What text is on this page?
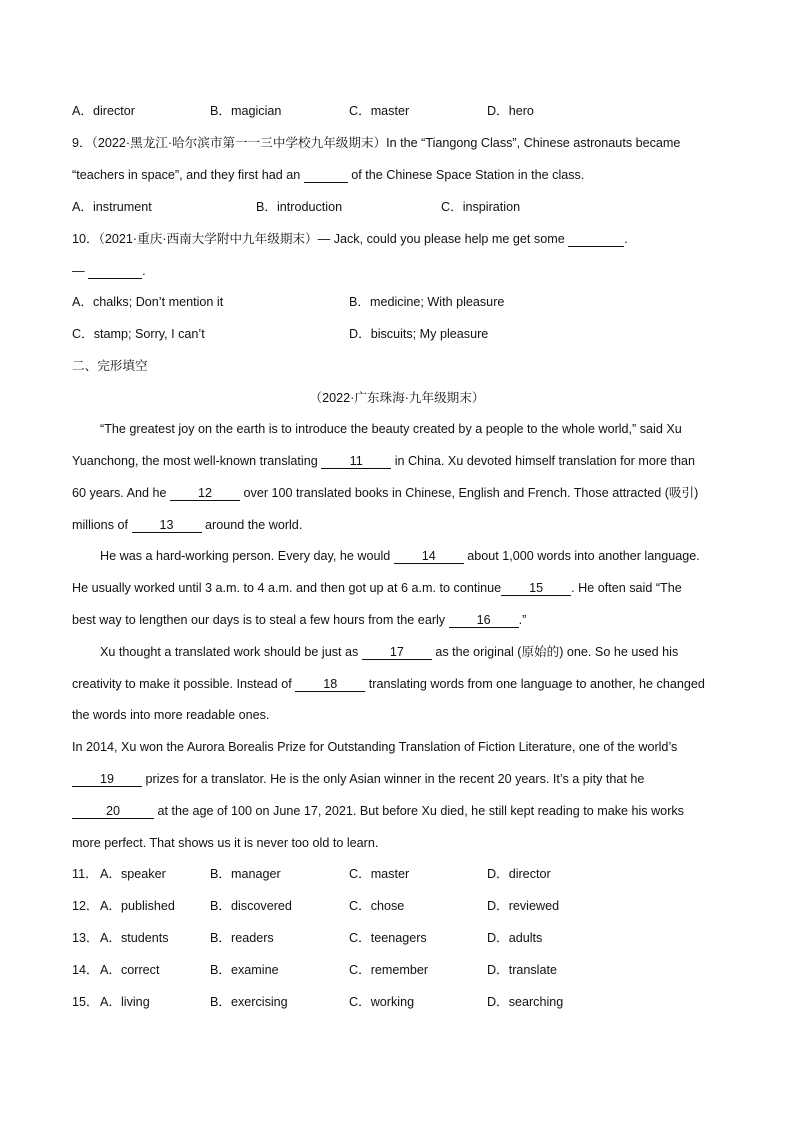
A．director	B．magician	C．master	D．hero
9．（2022·黑龙江·哈尔滨市第一一三中学校九年级期末）In the “Tiangong Class”, Chinese astronauts became
“teachers in space”, and they first had an	of the Chinese Space Station in the class.
A．instrument	B．introduction	C．inspiration
10．（2021·重庆·西南大学附中九年级期末）— Jack, could you please help me get some	.
—	.
A．chalks; Don’t mention it	B．medicine; With pleasure
C．stamp; Sorry, I can’t	D．biscuits; My pleasure
二、完形填空
（2022·广东珠海·九年级期末）
“The greatest joy on the earth is to introduce the beauty created by a people to the whole world,” said Xu
Yuanchong, the most well-known translating 11 in China. Xu devoted himself translation for more than
60 years. And he 12 over 100 translated books in Chinese, English and French. Those attracted (吸引)
millions of 13 around the world.
He was a hard-working person. Every day, he would 14 about 1,000 words into another language.
He usually worked until 3 a.m. to 4 a.m. and then got up at 6 a.m. to continue 15 . He often said “The
best way to lengthen our days is to steal a few hours from the early 16 .”
Xu thought a translated work should be just as 17 as the original (原始的) one. So he used his
creativity to make it possible. Instead of 18 translating words from one language to another, he changed
the words into more readable ones.
In 2014, Xu won the Aurora Borealis Prize for Outstanding Translation of Fiction Literature, one of the world’s
19 prizes for a translator. He is the only Asian winner in the recent 20 years. It’s a pity that he
20	at the age of 100 on June 17, 2021. But before Xu died, he still kept reading to make his works
more perfect. That shows us it is never too old to learn.
11． A．speaker	B．manager	C．master	D．director
12． A．published	B．discovered	C．chose	D．reviewed
13． A．students	B．readers	C．teenagers	D．adults
14． A．correct	B．examine	C．remember	D．translate
15． A．living	B．exercising	C．working	D．searching
